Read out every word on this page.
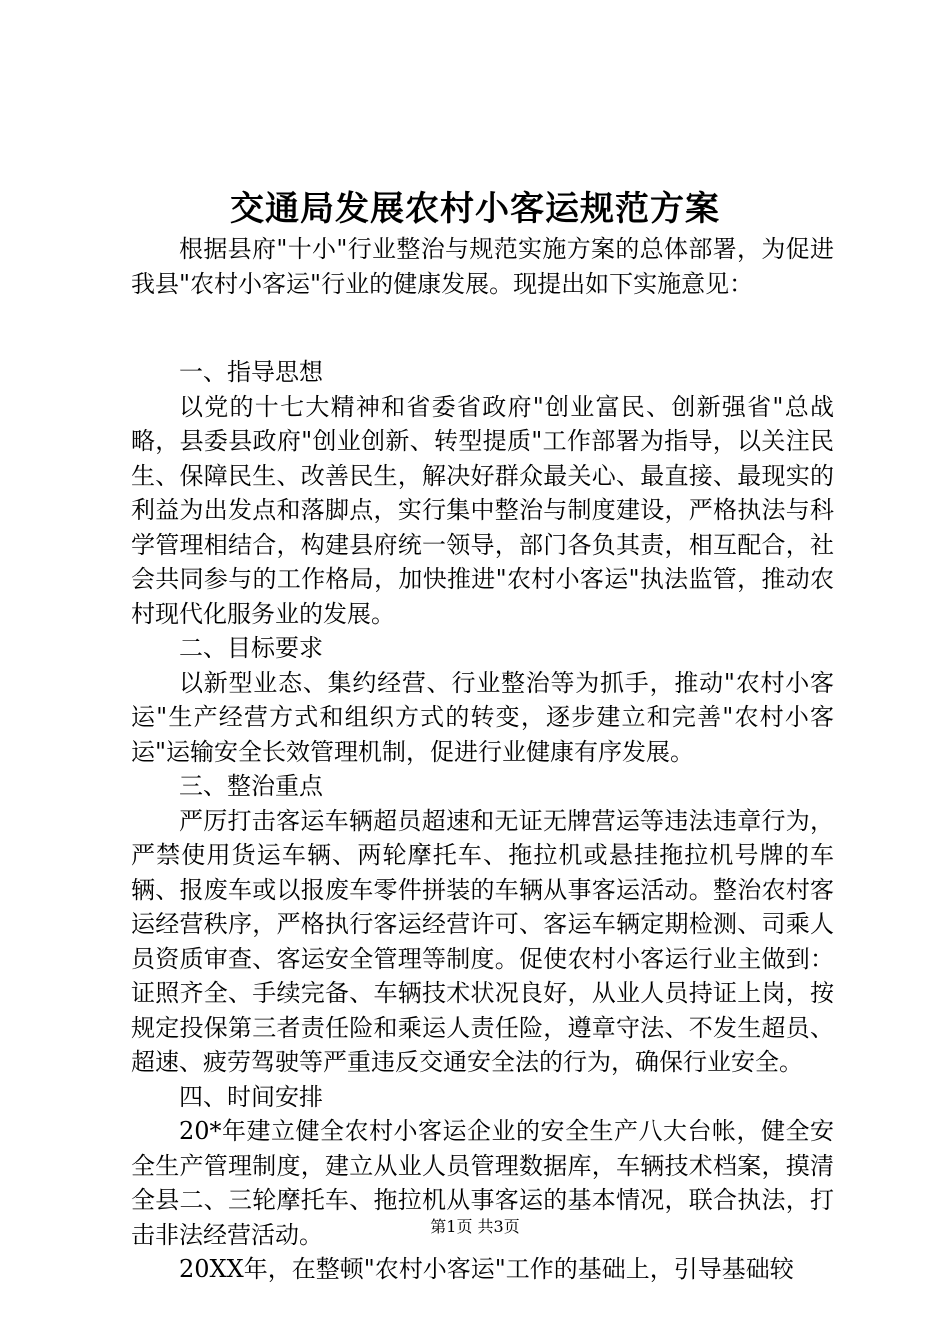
交通局发展农村小客运规范方案

根据县府"十小"行业整治与规范实施方案的总体部署，为促进我县"农村小客运"行业的健康发展。现提出如下实施意见：

一、指导思想

以党的十七大精神和省委省政府"创业富民、创新强省"总战略，县委县政府"创业创新、转型提质"工作部署为指导，以关注民生、保障民生、改善民生，解决好群众最关心、最直接、最现实的利益为出发点和落脚点，实行集中整治与制度建设，严格执法与科学管理相结合，构建县府统一领导，部门各负其责，相互配合，社会共同参与的工作格局，加快推进"农村小客运"执法监管，推动农村现代化服务业的发展。

二、目标要求

以新型业态、集约经营、行业整治等为抓手，推动"农村小客运"生产经营方式和组织方式的转变，逐步建立和完善"农村小客运"运输安全长效管理机制，促进行业健康有序发展。

三、整治重点

严厉打击客运车辆超员超速和无证无牌营运等违法违章行为，严禁使用货运车辆、两轮摩托车、拖拉机或悬挂拖拉机号牌的车辆、报废车或以报废车零件拼装的车辆从事客运活动。整治农村客运经营秩序，严格执行客运经营许可、客运车辆定期检测、司乘人员资质审查、客运安全管理等制度。促使农村小客运行业主做到：证照齐全、手续完备、车辆技术状况良好，从业人员持证上岗，按规定投保第三者责任险和乘运人责任险，遵章守法、不发生超员、超速、疲劳驾驶等严重违反交通安全法的行为，确保行业安全。

四、时间安排

20*年建立健全农村小客运企业的安全生产八大台帐，健全安全生产管理制度，建立从业人员管理数据库，车辆技术档案，摸清全县二、三轮摩托车、拖拉机从事客运的基本情况，联合执法，打击非法经营活动。

20XX年，在整顿"农村小客运"工作的基础上，引导基础较

第1页 共3页
